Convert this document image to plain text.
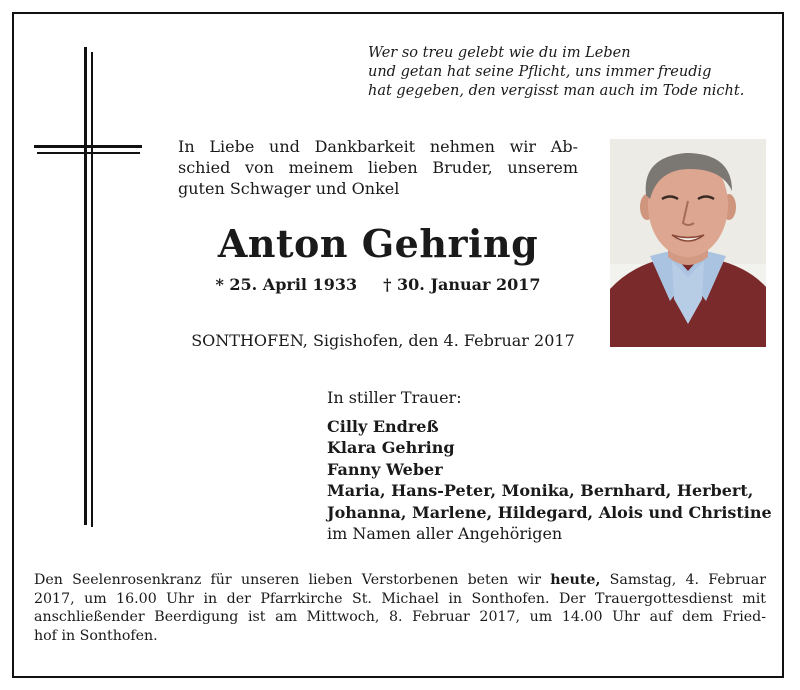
Wer so treu gelebt wie du im Leben
und getan hat seine Pflicht, uns immer freudig
hat gegeben, den vergisst man auch im Tode nicht.
In Liebe und Dankbarkeit nehmen wir Ab-
schied von meinem lieben Bruder, unserem
guten Schwager und Onkel
Anton Gehring
* 25. April 1933 † 30. Januar 2017
SONTHOFEN, Sigishofen, den 4. Februar 2017
In stiller Trauer:
Cilly Endreß
Klara Gehring
Fanny Weber
Maria, Hans-Peter, Monika, Bernhard, Herbert,
Johanna, Marlene, Hildegard, Alois und Christine
im Namen aller Angehörigen
Den Seelenrosenkranz für unseren lieben Verstorbenen beten wir heute, Samstag, 4. Februar
2017, um 16.00 Uhr in der Pfarrkirche St. Michael in Sonthofen. Der Trauergottesdienst mit
anschließender Beerdigung ist am Mittwoch, 8. Februar 2017, um 14.00 Uhr auf dem Fried-
hof in Sonthofen.
